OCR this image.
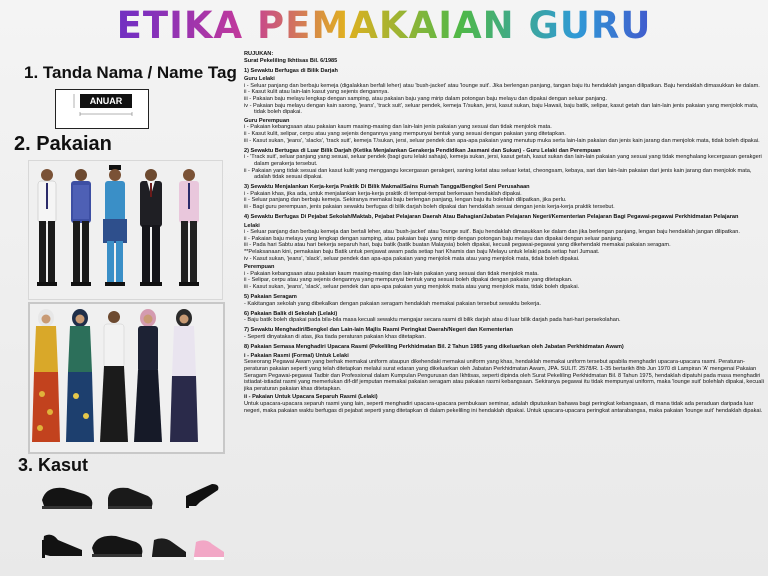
ETIKA PEMAKAIAN GURU
1. Tanda Nama / Name Tag
ANUAR
2. Pakaian
3. Kasut
RUJUKAN:
Surat Pekeliling Ikhtisas Bil. 6/1985
1) Sewaktu Berfugas di Bilik Darjah
Guru Lelaki
i - Seluar panjang dan berbaju kemeja (digalakkan berfali leher) atau 'bush-jacket' atau 'lounge suit'. Jika berlengan panjang, tangan baju itu hendaklah jangan dilipatkan. Baju hendaklah dimasukkan ke dalam.
ii - Kasut kulit atau lain-lain kasut yang sejenis dengannya.
iii - Pakaian baju melayu lengkap dengan samping, atau pakaian baju yang mirip dalam potongan baju melayu dan dipakai dengan seluar panjang.
iv - Pakaian baju melayu dengan kain sarong, 'jeans', 'track suit', seluar pendek, kemeja T/sukan, jersi, kasut sukan, baju Hawaii, baju batik, selipar, kasut getah dan lain-lain jenis pakaian yang menjolok mata, tidak boleh dipakai.
Guru Perempuan
i - Pakaian kebangsaan atau pakaian kaum masing-masing dan lain-lain jenis pakaian yang sesuai dan tidak menjolok mata.
ii - Kasut kulit, selipar, cerpu atau yang sejenis dengannya yang mempunyai bentuk yang sesuai dengan pakaian yang ditetapkan.
iii - Kasut sukan, 'jeans', 'slacks', 'track suit', kemeja T/sukan, jersi, seluar pendek dan apa-apa pakaian yang menutup muka serta lain-lain pakaian dan jenis kain jarang dan menjolok mata, tidak boleh dipakai.
2) Sewaktu Bertugas di Luar Bilik Darjah (Ketika Menjalankan Gerakerja Pendidikan Jasmani dan Sukan) - Guru Lelaki dan Perempuan
i - 'Track suit', seluar panjang yang sesuai, seluar pendek (bagi guru lelaki sahaja), kemeja sukan, jersi, kasut getah, kasut sukan dan lain-lain pakaian yang sesuai yang tidak menghalang kecergasan gerakgeri dalam gerakerja tersebut.
ii - Pakaian yang tidak sesuai dan kasut kulit yang menggangu kecergasan gerakgeri, saning ketat atau seluar ketat, cheongsam, kebaya, sari dan lain-lain pakaian dari jenis kain jarang dan menjolok mata, adalah tidak sesuai dipakai.
3) Sewaktu Menjalankan Kerja-kerja Praktik Di Bilik Makmal/Sains Rumah Tangga/Bengkel Seni Perusahaan
i - Pakaian khas, jika ada, untuk menjalankan kerja-kerja praktik di tempat-tempat berkenaan hendaklah dipakai.
ii - Seluar panjang dan berbaju kemeja. Sekiranya memakai baju berlengan panjang, lengan baju itu bolehlah dilipatkan, jika perlu.
iii - Bagi guru perempuan, jenis pakaian sewaktu berfugas di bilik darjah boleh dipakai dan hendaklah sesuai dengan jenis kerja-kerja praktik tersebut.
4) Sewaktu Berfugas Di Pejabat Sekolah/Maktab, Pejabat Pelajaran Daerah Atau Bahagian/Jabatan Pelajaran Negeri/Kementerian Pelajaran Bagi Pegawai-pegawai Perkhidmatan Pelajaran
Lelaki
i - Seluar panjang dan berbaju kemeja dan bertali leher, atau 'bush-jacket' atau 'lounge suit'. Baju hendaklah dimasukkan ke dalam dan jika berlengan panjang, lengan baju hendaklah jangan dilipatkan.
ii - Pakaian baju melayu yang lengkap dengan samping, atau pakaian baju yang mirip dengan potongan baju melayu dan dipakai dengan seluar panjang.
iii - Pada hari Sabtu atau hari bekerja separuh hari, baju batik (batik buatan Malaysia) boleh dipakai, kecuali pegawai-pegawai yang dikehendaki memakai pakaian seragam.
**Pelaksanaan kini, pemakaian baju Batik untuk penjawat awam pada setiap hari Khamis dan baju Melayu untuk lelaki pada setiap hari Jumaat.
iv - Kasut sukan, 'jeans', 'slack', seluar pendek dan apa-apa pakaian yang menjolok mata atau yang menjolok mata, tidak boleh dipakai.
Perempuan
i - Pakaian kebangsaan atau pakaian kaum masing-masing dan lain-lain pakaian yang sesuai dan tidak menjolok mata.
ii - Selipar, cerpu atau yang sejenis dengannya yang mempunyai bentuk yang sesuai boleh dipakai dengan pakaian yang ditetapkan.
iii - Kasut sukan, 'jeans', 'slack', seluar pendek dan apa-apa pakaian yang menjolok mata atau yang menjolok mata, tidak boleh dipakai.
5) Pakaian Seragam
- Kakitangan sekolah yang dibekalkan dengan pakaian seragam hendaklah memakai pakaian tersebut sewaktu bekerja.
6) Pakaian Balik di Sekolah (Lelaki)
- Baju batik boleh dipakai pada bila-bila masa kecuali sewaktu mengajar secara rasmi di bilik darjah atau di luar bilik darjah pada hari-hari persekolahan.
7) Sewaktu Menghadiri/Bengkel dan Lain-lain Majlis Rasmi Peringkat Daerah/Negeri dan Kementerian
- Seperti dinyatakan di atas, jika tiada peraturan pakaian khas ditetapkan.
8) Pakaian Semasa Menghadiri Upacara Rasmi (Pekeliling Perkhidmatan Bil. 2 Tahun 1985 yang dikeluarkan oleh Jabatan Perkhidmatan Awam)
i - Pakaian Rasmi (Formal) Untuk Lelaki
Seseorang Pegawai Awam yang berhak memakai uniform ataupun dikehendaki memakai uniform yang khas, hendaklah memakai uniform tersebut apabila menghadiri upacara-upacara rasmi. Peraturan-peraturan pakaian seperti yang telah ditetapkan melalui surat edaran yang dikeluarkan oleh Jabatan Perkhidmatan Awam, JPA. SULIT. 2578/R. 1-35 bertarikh 8hb Jun 1970 di Lampiran 'A' mengenai Pakaian Seragam Pegawai-pegawai Tadbir dan Professional dalam Kumpulan Pengurusan dan Ikhtisas, seperti dipinda oleh Surat Pekeliling Perkhidmatan Bil. 8 Tahun 1975, hendaklah dipatuhi pada masa menghadiri istiadat-istiadat rasmi yang memerlukan dif-dif jemputan memakai pakaian seragam atau pakaian rasmi kebangsaan. Sekiranya pegawai itu tidak mempunyai uniform, maka 'lounge suit' bolehlah dipakai, kecuali jika peraturan pakaian khas ditetapkan.
ii - Pakaian Untuk Upacara Separuh Rasmi (Lelaki)
Untuk upacara-upacara separuh rasmi yang lain, seperti menghadiri upacara-upacara pembukaan seminar, adalah diputuskan bahawa bagi peringkat kebangsaan, di mana tidak ada peraduan daripada luar negeri, maka pakaian waktu berfugas di pejabat seperti yang ditetapkan di dalam pekeliling ini hendaklah dipakai. Untuk upacara-upacara peringkat antarabangsa, maka pakaian 'lounge suit' hendaklah dipakai.
